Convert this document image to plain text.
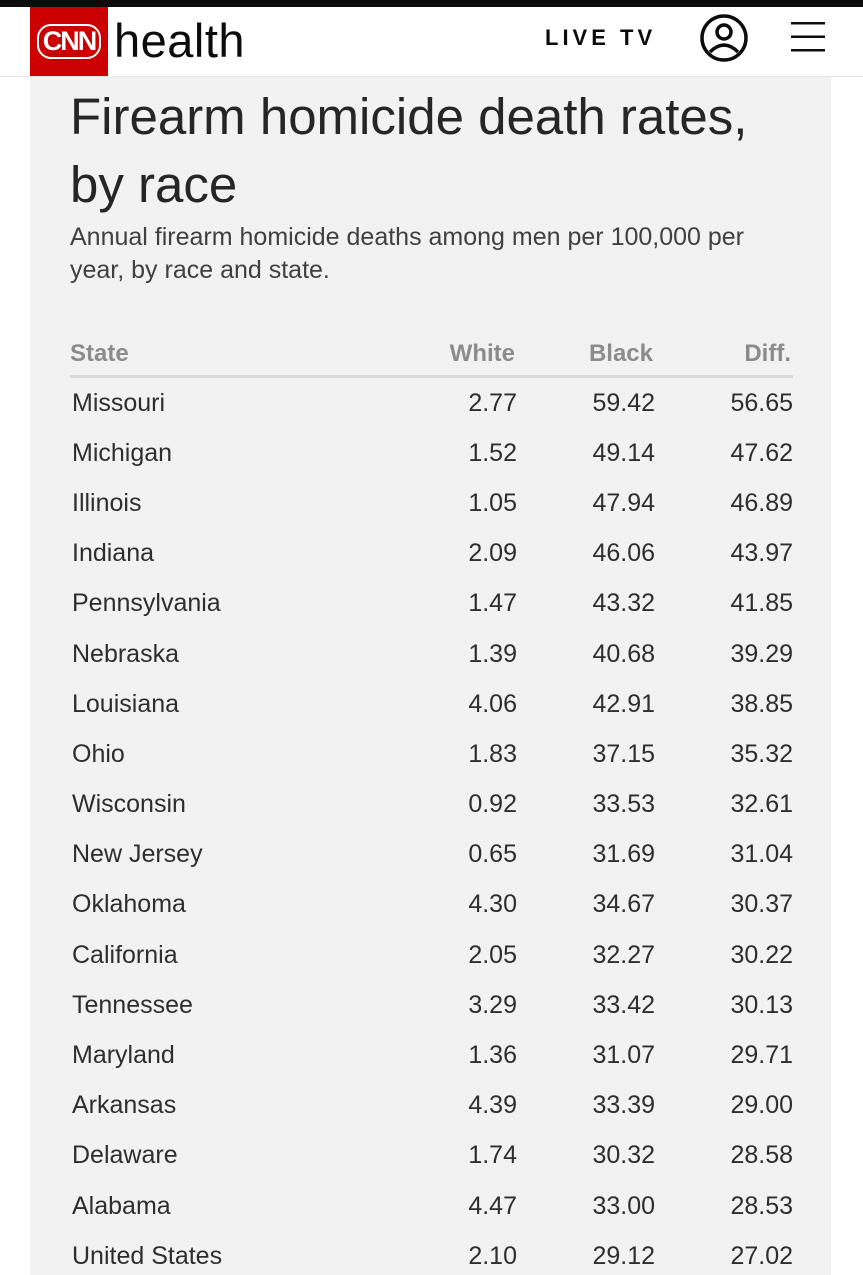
CNN health	LIVE TV
Firearm homicide death rates, by race
Annual firearm homicide deaths among men per 100,000 per year, by race and state.
State	White	Black	Diff.
Missouri	2.77	59.42	56.65
Michigan	1.52	49.14	47.62
Illinois	1.05	47.94	46.89
Indiana	2.09	46.06	43.97
Pennsylvania	1.47	43.32	41.85
Nebraska	1.39	40.68	39.29
Louisiana	4.06	42.91	38.85
Ohio	1.83	37.15	35.32
Wisconsin	0.92	33.53	32.61
New Jersey	0.65	31.69	31.04
Oklahoma	4.30	34.67	30.37
California	2.05	32.27	30.22
Tennessee	3.29	33.42	30.13
Maryland	1.36	31.07	29.71
Arkansas	4.39	33.39	29.00
Delaware	1.74	30.32	28.58
Alabama	4.47	33.00	28.53
United States	2.10	29.12	27.02
